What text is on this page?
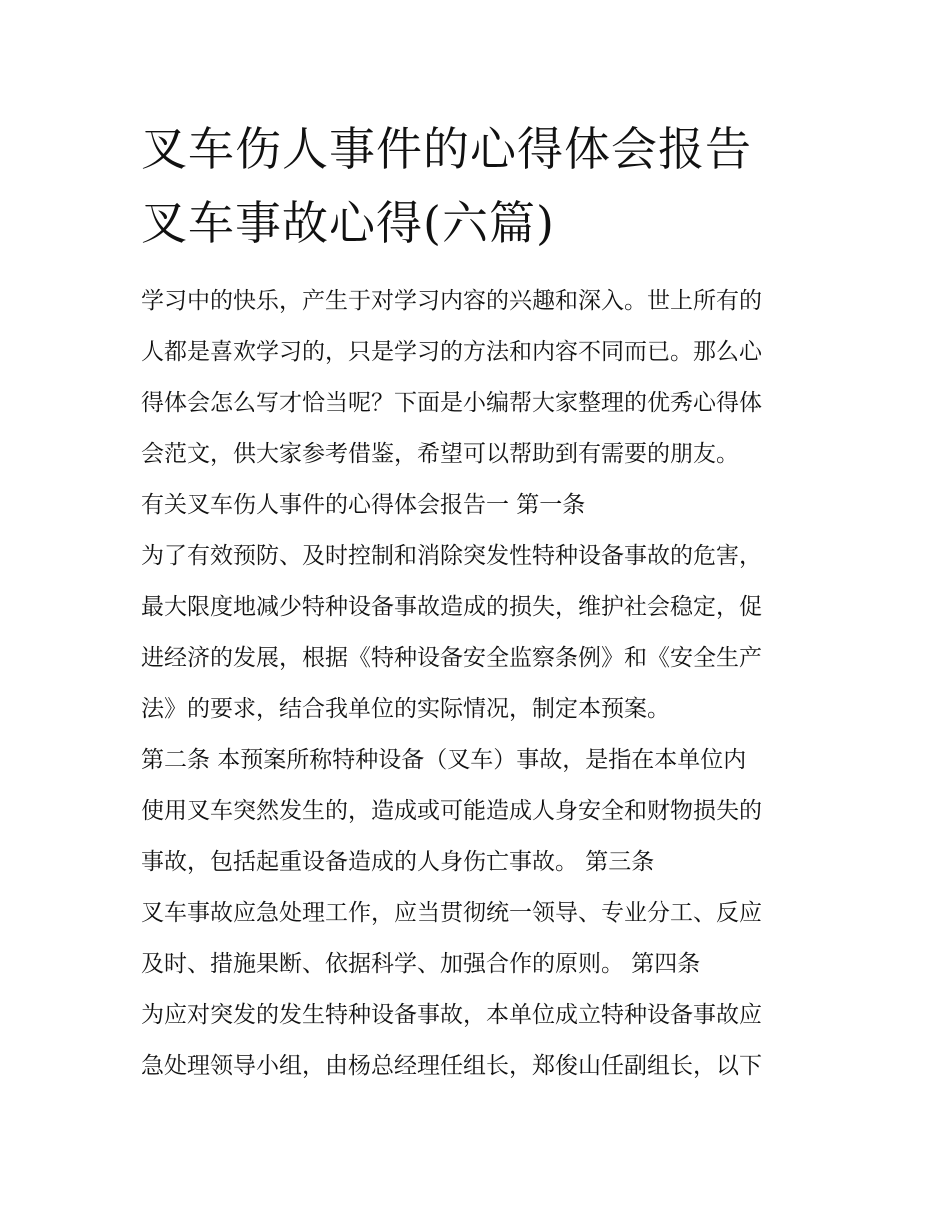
叉车伤人事件的心得体会报告
叉车事故心得(六篇)
学习中的快乐，产生于对学习内容的兴趣和深入。世上所有的
人都是喜欢学习的，只是学习的方法和内容不同而已。那么心
得体会怎么写才恰当呢？下面是小编帮大家整理的优秀心得体
会范文，供大家参考借鉴，希望可以帮助到有需要的朋友。
有关叉车伤人事件的心得体会报告一 第一条
为了有效预防、及时控制和消除突发性特种设备事故的危害，
最大限度地减少特种设备事故造成的损失，维护社会稳定，促
进经济的发展，根据《特种设备安全监察条例》和《安全生产
法》的要求，结合我单位的实际情况，制定本预案。
第二条 本预案所称特种设备（叉车）事故，是指在本单位内
使用叉车突然发生的，造成或可能造成人身安全和财物损失的
事故，包括起重设备造成的人身伤亡事故。 第三条
叉车事故应急处理工作，应当贯彻统一领导、专业分工、反应
及时、措施果断、依据科学、加强合作的原则。 第四条
为应对突发的发生特种设备事故，本单位成立特种设备事故应
急处理领导小组，由杨总经理任组长，郑俊山任副组长，以下
